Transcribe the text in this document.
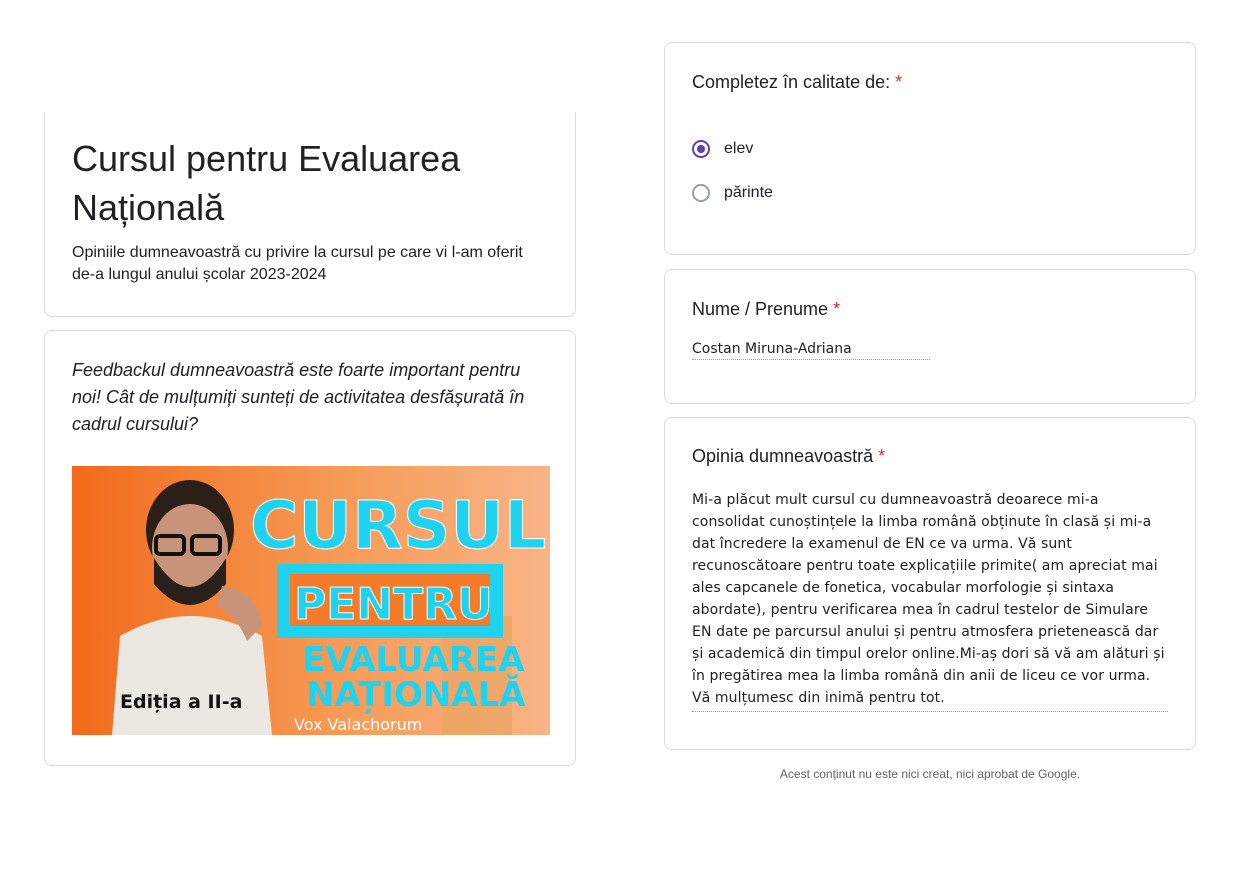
Cursul pentru Evaluarea Națională
Opiniile dumneavoastră cu privire la cursul pe care vi l-am oferit de-a lungul anului școlar 2023-2024
Feedbackul dumneavoastră este foarte important pentru noi! Cât de mulțumiți sunteți de activitatea desfășurată în cadrul cursului?
CURSUL
PENTRU
EVALUAREA
NAȚIONALĂ
Ediția a II-a
Vox Valachorum
Completez în calitate de: *
elev
părinte
Nume / Prenume *
Costan Miruna-Adriana
Opinia dumneavoastră *
Mi-a plăcut mult cursul cu dumneavoastră deoarece mi-a consolidat cunoștințele la limba română obținute în clasă și mi-a dat încredere la examenul de EN ce va urma. Vă sunt recunoscătoare pentru toate explicațiile primite( am apreciat mai ales capcanele de fonetica, vocabular morfologie și sintaxa abordate), pentru verificarea mea în cadrul testelor de Simulare EN date pe parcursul anului și pentru atmosfera prietenească dar și academică din timpul orelor online.Mi-aș dori să vă am alături și în pregătirea mea la limba română din anii de liceu ce vor urma. Vă mulțumesc din inimă pentru tot.
Acest conținut nu este nici creat, nici aprobat de Google.
